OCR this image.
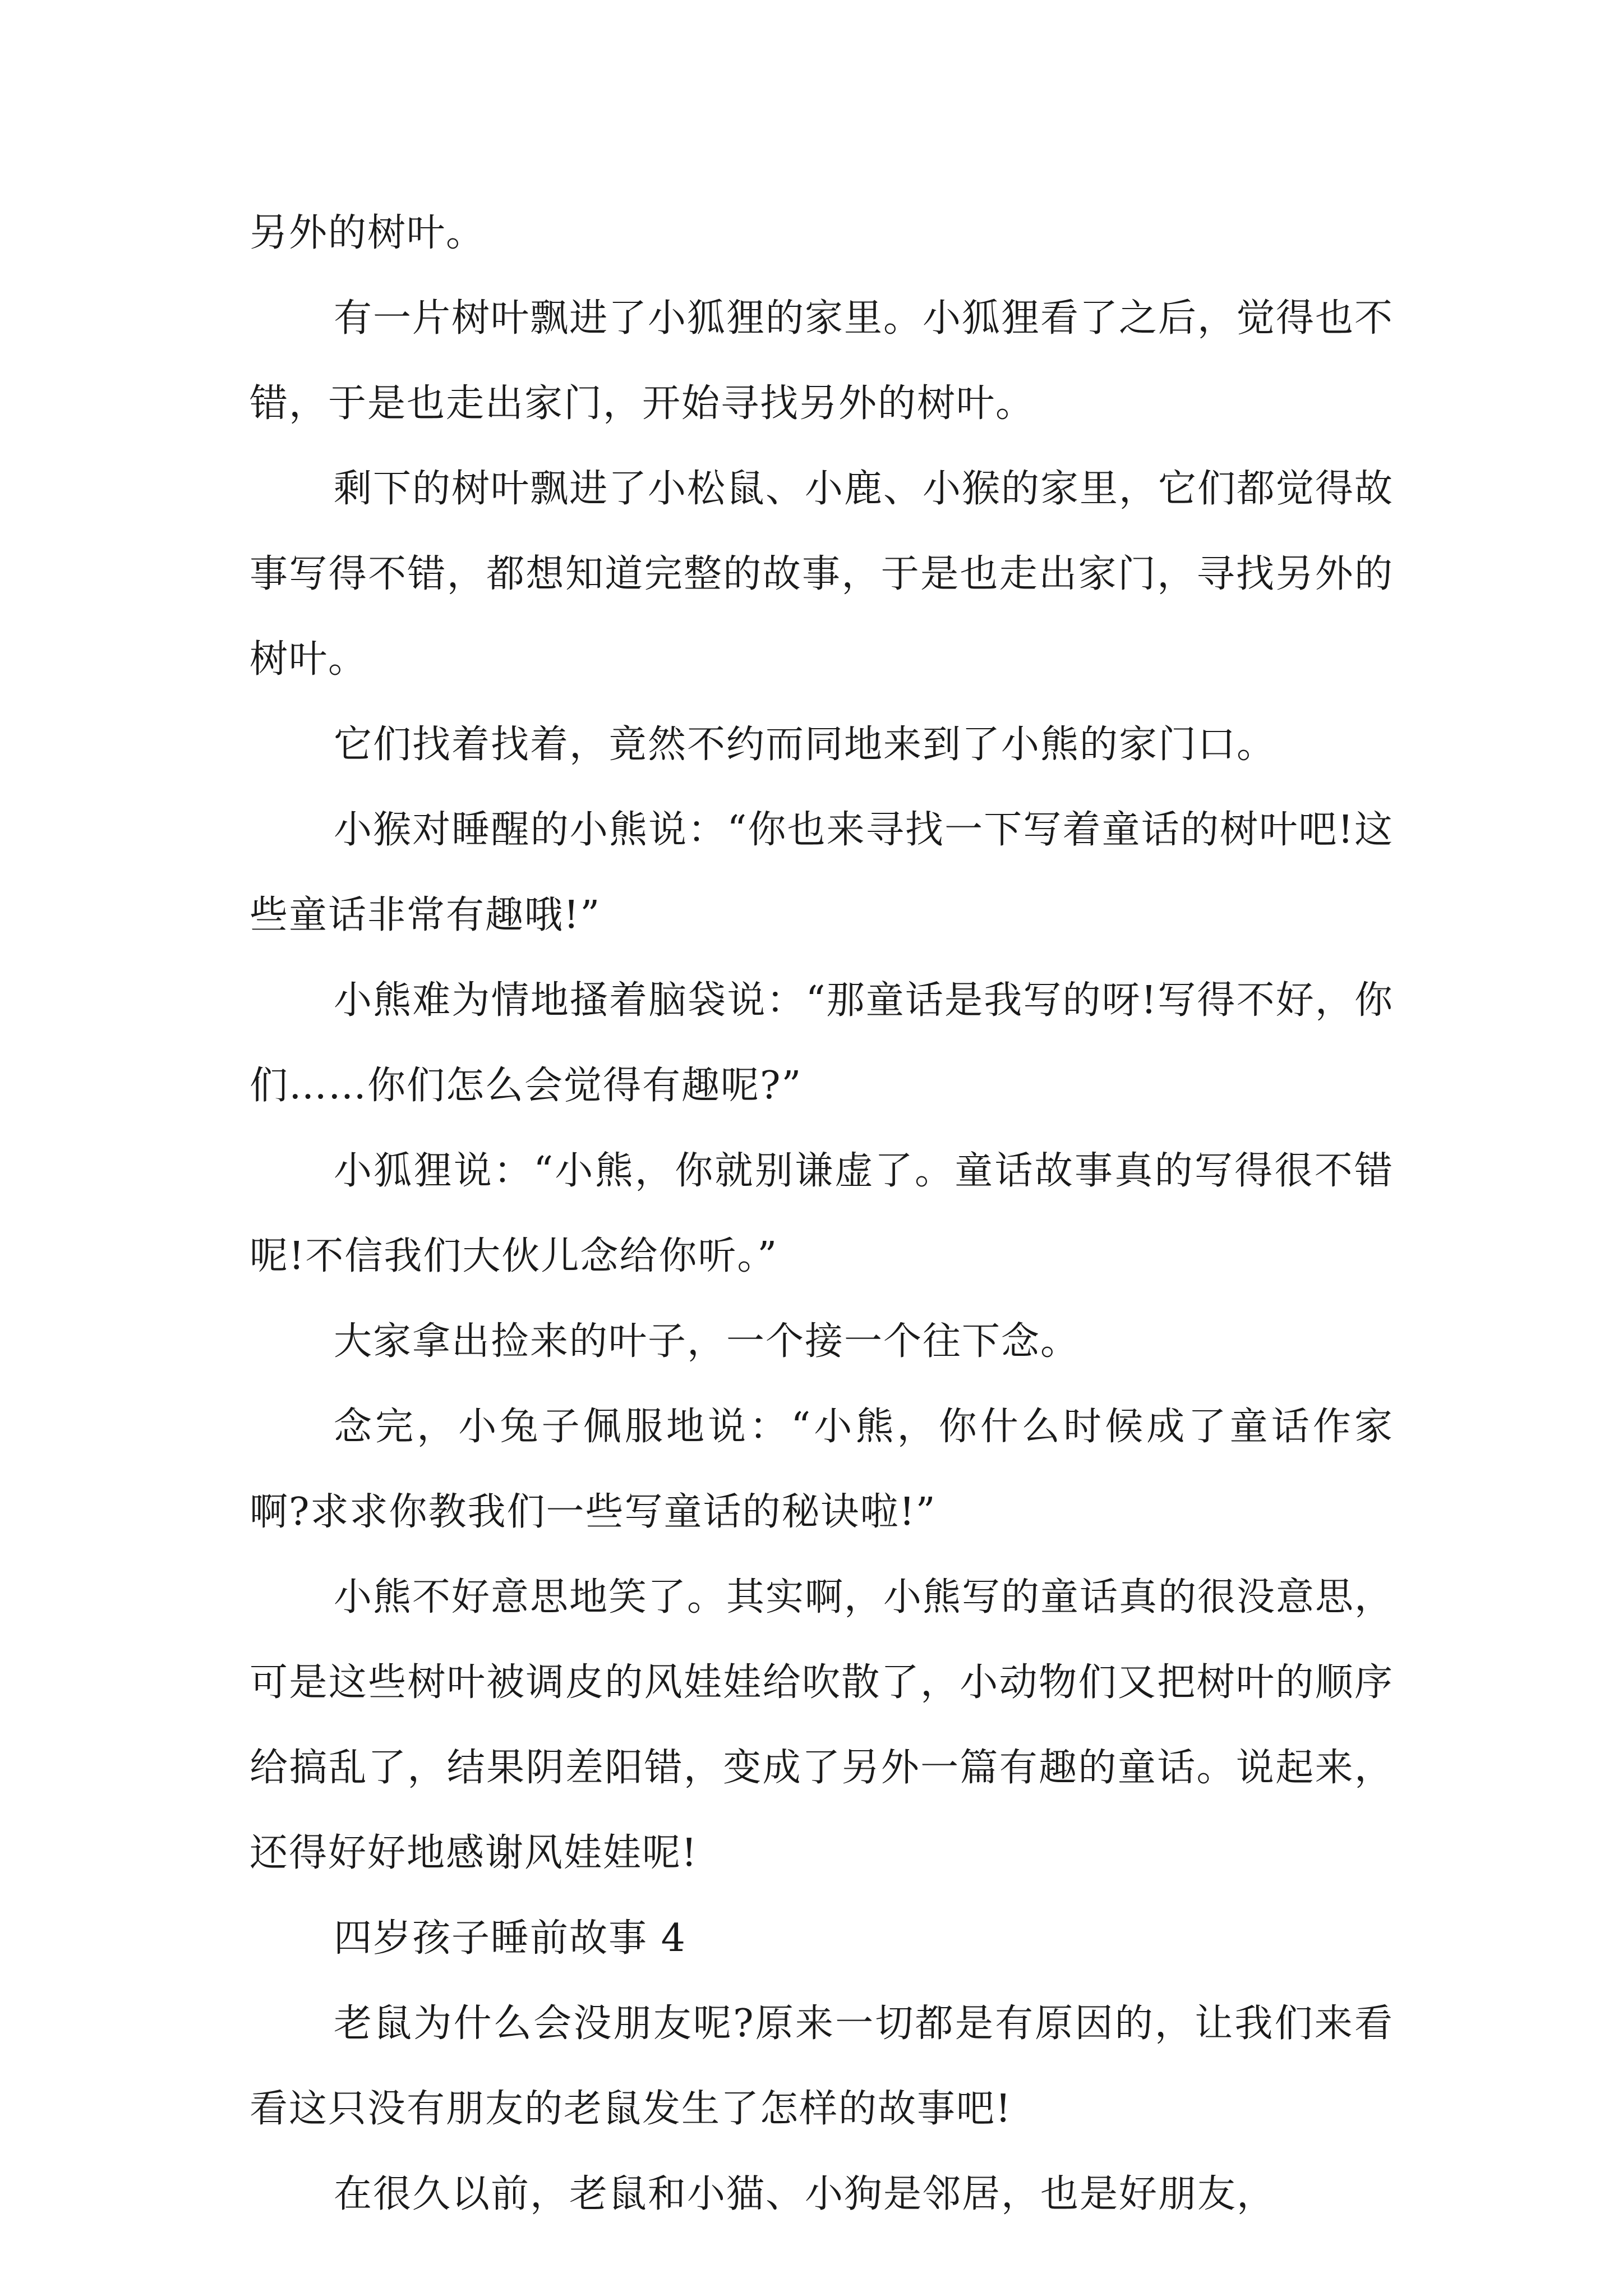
另外的树叶。

有一片树叶飘进了小狐狸的家里。小狐狸看了之后，觉得也不错，于是也走出家门，开始寻找另外的树叶。

剩下的树叶飘进了小松鼠、小鹿、小猴的家里，它们都觉得故事写得不错，都想知道完整的故事，于是也走出家门，寻找另外的树叶。

它们找着找着，竟然不约而同地来到了小熊的家门口。

小猴对睡醒的小熊说：“你也来寻找一下写着童话的树叶吧!这些童话非常有趣哦!”

小熊难为情地搔着脑袋说：“那童话是我写的呀!写得不好，你们……你们怎么会觉得有趣呢?”

小狐狸说：“小熊，你就别谦虚了。童话故事真的写得很不错呢!不信我们大伙儿念给你听。”

大家拿出捡来的叶子，一个接一个往下念。

念完，小兔子佩服地说：“小熊，你什么时候成了童话作家啊?求求你教我们一些写童话的秘诀啦!”

小熊不好意思地笑了。其实啊，小熊写的童话真的很没意思，可是这些树叶被调皮的风娃娃给吹散了，小动物们又把树叶的顺序给搞乱了，结果阴差阳错，变成了另外一篇有趣的童话。说起来，还得好好地感谢风娃娃呢!

四岁孩子睡前故事 4

老鼠为什么会没朋友呢?原来一切都是有原因的，让我们来看看这只没有朋友的老鼠发生了怎样的故事吧!

在很久以前，老鼠和小猫、小狗是邻居，也是好朋友，
